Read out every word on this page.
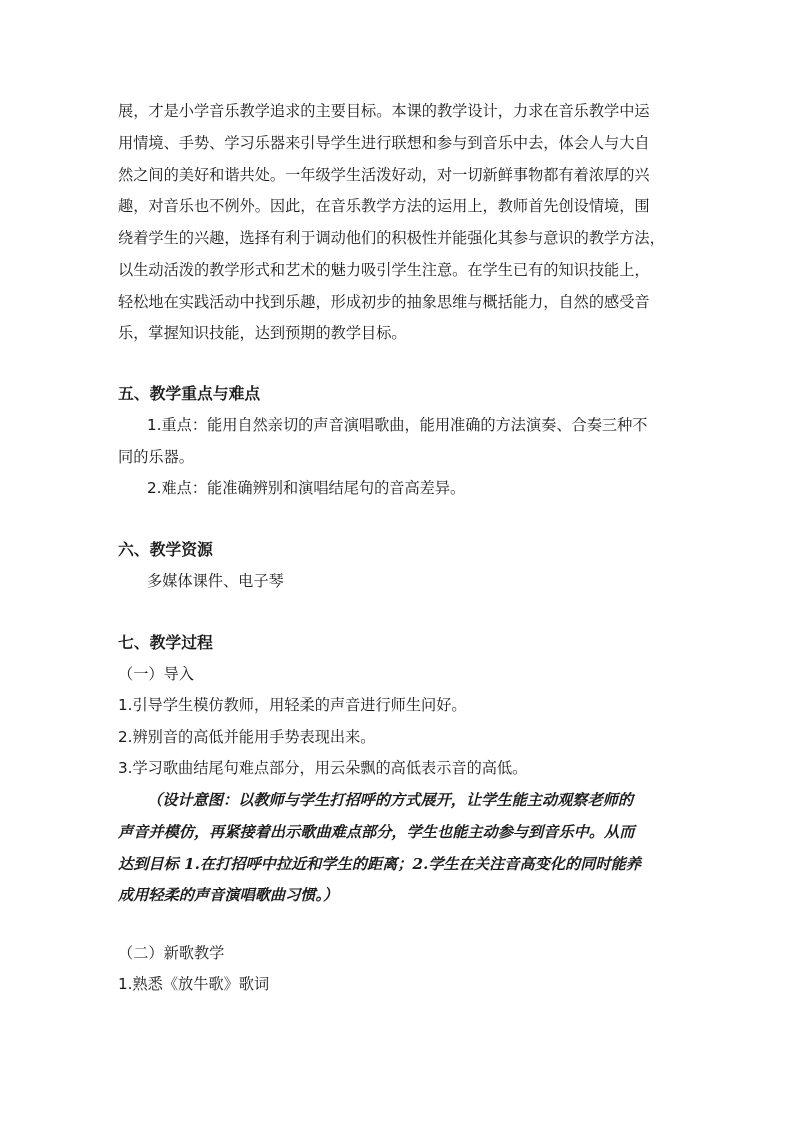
展，才是小学音乐教学追求的主要目标。本课的教学设计，力求在音乐教学中运
用情境、手势、学习乐器来引导学生进行联想和参与到音乐中去，体会人与大自
然之间的美好和谐共处。一年级学生活泼好动，对一切新鲜事物都有着浓厚的兴
趣，对音乐也不例外。因此，在音乐教学方法的运用上，教师首先创设情境，围
绕着学生的兴趣，选择有利于调动他们的积极性并能强化其参与意识的教学方法，
以生动活泼的教学形式和艺术的魅力吸引学生注意。在学生已有的知识技能上，
轻松地在实践活动中找到乐趣，形成初步的抽象思维与概括能力，自然的感受音
乐，掌握知识技能，达到预期的教学目标。
五、教学重点与难点
1.重点：能用自然亲切的声音演唱歌曲，能用准确的方法演奏、合奏三种不
同的乐器。
2.难点：能准确辨别和演唱结尾句的音高差异。
六、教学资源
多媒体课件、电子琴
七、教学过程
（一）导入
1.引导学生模仿教师，用轻柔的声音进行师生问好。
2.辨别音的高低并能用手势表现出来。
3.学习歌曲结尾句难点部分，用云朵飘的高低表示音的高低。
（设计意图：以教师与学生打招呼的方式展开，让学生能主动观察老师的
声音并模仿，再紧接着出示歌曲难点部分，学生也能主动参与到音乐中。从而
达到目标 1.在打招呼中拉近和学生的距离；2.学生在关注音高变化的同时能养
成用轻柔的声音演唱歌曲习惯。）
（二）新歌教学
1.熟悉《放牛歌》歌词
